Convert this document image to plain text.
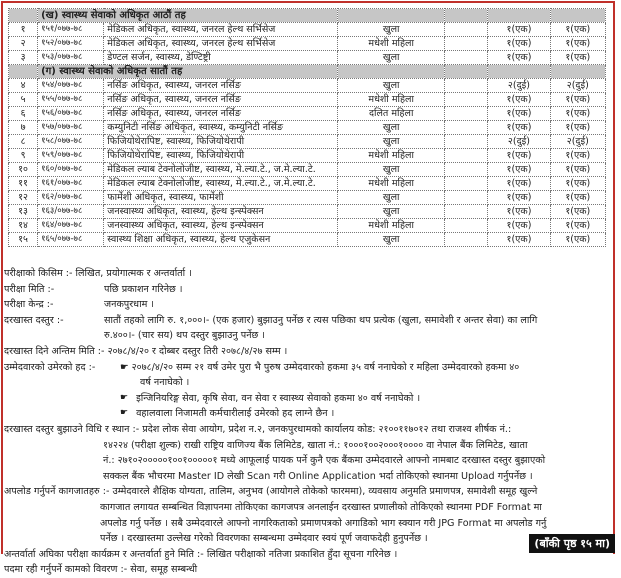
	(ख) स्वास्थ्य सेवाको अधिकृत आठौं तह					
१	१५१/०७७-७८	मेडिकल अधिकृत, स्वास्थ्य, जनरल हेल्थ सर्भिसेज	खुला		१(एक)	१(एक)
२	१५२/०७७-७८	मेडिकल अधिकृत, स्वास्थ्य, जनरल हेल्थ सर्भिसेज	मधेशी महिला		१(एक)	१(एक)
३	१५३/०७७-७८	डेण्टल सर्जन, स्वास्थ्य, डेण्टिष्ट्री	खुला		१(एक)	१(एक)
	(ग) स्वास्थ्य सेवाको अधिकृत सातौं तह					
४	१५४/०७७-७८	नर्सिङ अधिकृत, स्वास्थ्य, जनरल नर्सिङ	खुला		२(दुई)	२(दुई)
५	१५५/०७७-७८	नर्सिङ अधिकृत, स्वास्थ्य, जनरल नर्सिङ	मधेशी महिला		१(एक)	१(एक)
६	१५६/०७७-७८	नर्सिङ अधिकृत, स्वास्थ्य, जनरल नर्सिङ	दलित महिला		१(एक)	१(एक)
७	१५७/०७७-७८	कम्युनिटी नर्सिङ अधिकृत, स्वास्थ्य, कम्युनिटी नर्सिङ	खुला		१(एक)	१(एक)
८	१५८/०७७-७८	फिजियोथेरापिष्ट, स्वास्थ्य, फिजियोथेरापी	खुला		२(दुई)	२(दुई)
९	१५९/०७७-७८	फिजियोथेरापिष्ट, स्वास्थ्य, फिजियोथेरापी	मधेशी महिला		१(एक)	१(एक)
१०	१६०/०७७-७८	मेडिकल ल्याब टेक्नोलोजीष्ट, स्वास्थ्य, मे.ल्या.टे., ज.मे.ल्या.टे.	खुला		१(एक)	१(एक)
११	१६१/०७७-७८	मेडिकल ल्याब टेक्नोलोजीष्ट, स्वास्थ्य, मे.ल्या.टे., ज.मे.ल्या.टे.	मधेशी महिला		१(एक)	१(एक)
१२	१६२/०७७-७८	फार्मेशी अधिकृत, स्वास्थ्य, फार्मेशी	खुला		१(एक)	१(एक)
१३	१६३/०७७-७८	जनस्वास्थ्य अधिकृत, स्वास्थ्य, हेल्थ इन्स्पेक्सन	खुला		१(एक)	१(एक)
१४	१६४/०७७-७८	जनस्वास्थ्य अधिकृत, स्वास्थ्य, हेल्थ इन्स्पेक्सन	मधेशी महिला		१(एक)	१(एक)
१५	१६५/०७७-७८	स्वास्थ्य शिक्षा अधिकृत, स्वास्थ्य, हेल्थ एजुकेसन	खुला		१(एक)	१(एक)
परीक्षाको किसिम :-
लिखित, प्रयोगात्मक र अन्तर्वार्ता ।
परीक्षा मिति :-	पछि प्रकाशन गरिनेछ ।
परीक्षा केन्द्र :-	जनकपुरधाम ।
दरखास्त दस्तुर :-	सातौं तहको लागि रु. १,०००।- (एक हजार) बुझाउनु पर्नेछ र त्यस पछिका थप प्रत्येक (खुला, समावेशी र अन्तर सेवा) का लागि
रु.४००।- (चार सय) थप दस्तुर बुझाउनु पर्नेछ ।
दरखास्त दिने अन्तिम मिति :-
२०७८/४/२० र दोब्बर दस्तुर तिरी २०७८/४/२७ सम्म ।
उम्मेदवारको उमेरको हद :-	☛ २०७८/४/२० सम्म २१ वर्ष उमेर पुरा भै पुरुष उम्मेदवारको हकमा ३५ वर्ष ननाघेको र महिला उम्मेदवारको हकमा ४०
वर्ष ननाघेको ।
☛ इन्जिनियरिङ्ग सेवा, कृषि सेवा, वन सेवा र स्वास्थ्य सेवाको हकमा ४० वर्ष ननाघेको ।
☛ वहालवाला निजामती कर्मचारीलाई उमेरको हद लाग्ने छैन ।
दरखास्त दस्तुर बुझाउने विधि र स्थान :-
प्रदेश लोक सेवा आयोग, प्रदेश न.२, जनकपुरधामको कार्यालय कोड: २१००११७०१२ तथा राजश्व शीर्षक नं.:
१४२२४ (परीक्षा शुल्क) राखी राष्ट्रिय वाणिज्य बैंक लिमिटेड, खाता नं.: १०००१००२०००१०००० वा नेपाल बैंक लिमिटेड, खाता
नं.: २७१०२०००००१००१०००००१ मध्ये आफूलाई पायक पर्ने कुनै एक बैंकमा उम्मेदवारले आफ्नो नामबाट दरखास्त दस्तुर बुझाएको
सक्कल बैंक भौचरमा Master ID लेखी Scan गरी Online Application भर्दा तोकिएको स्थानमा Upload गर्नुपर्नेछ ।
अपलोड गर्नुपर्ने कागजातहरु :-
उम्मेदवारले शैक्षिक योग्यता, तालिम, अनुभव (आयोगले तोकेको फारममा), व्यवसाय अनुमति प्रमाणपत्र, समावेशी समूह खुल्ने
कागजात लगायत सम्बन्धित विज्ञापनमा तोकिएका कागजपत्र अनलाईन दरखास्त प्रणालीको तोकिएको स्थानमा PDF Format मा
अपलोड गर्नु पर्नेछ । सबै उम्मेदवारले आफ्नो नागरिकताको प्रमाणपत्रको अगाडिको भाग स्क्यान गरी JPG Format मा अपलोड गर्नु
पर्नेछ । दरखास्तमा उल्लेख गरेको विवरणका सम्बन्धमा उम्मेदवार स्वयं पूर्ण जवाफदेही हुनुपर्नेछ ।
अन्तर्वार्ता अघिका परीक्षा कार्यक्रम र अन्तर्वार्ता हुने मिति :-
लिखित परीक्षाको नतिजा प्रकाशित हुँदा सूचना गरिनेछ ।
पदमा रही गर्नुपर्ने कामको विवरण :-
सेवा, समूह सम्बन्धी
(बाँकी पृष्ठ १५ मा)
